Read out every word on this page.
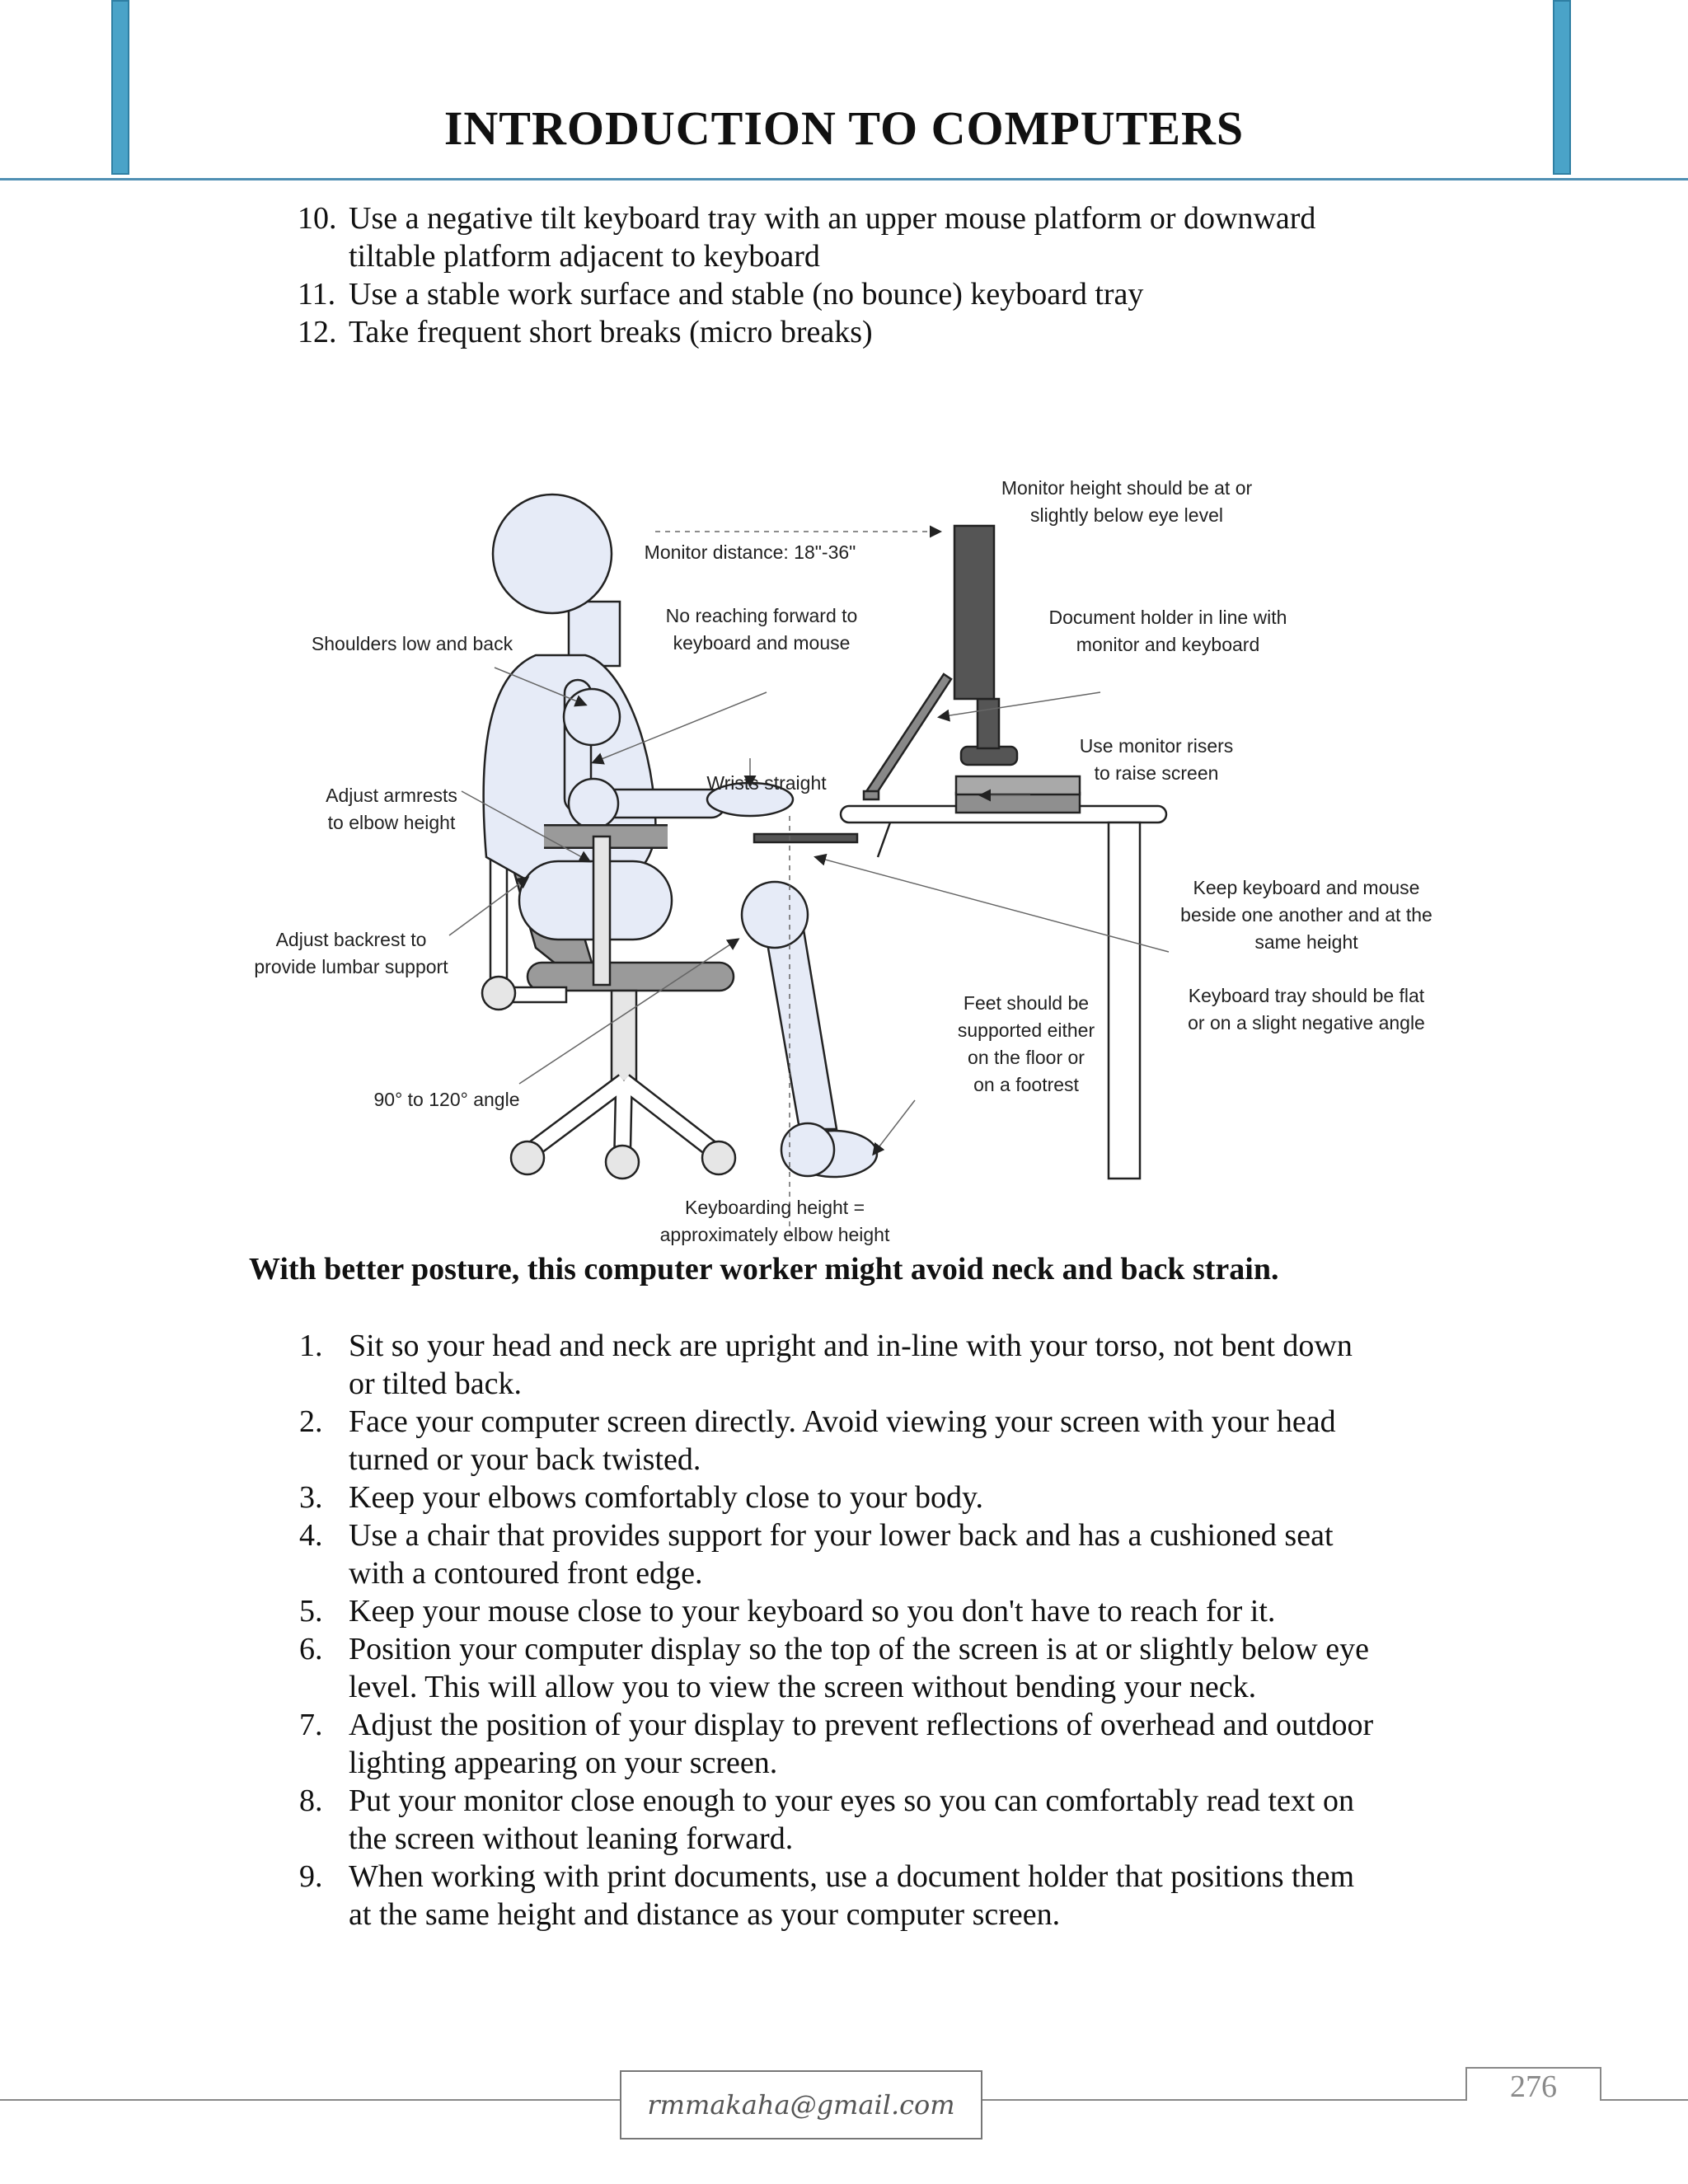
INTRODUCTION TO COMPUTERS
10. Use a negative tilt keyboard tray with an upper mouse platform or downward
tiltable platform adjacent to keyboard
11. Use a stable work surface and stable (no bounce) keyboard tray
12. Take frequent short breaks (micro breaks)
Monitor height should be at or slightly below eye level
Monitor distance: 18"-36"
No reaching forward to keyboard and mouse
Document holder in line with monitor and keyboard
Shoulders low and back
Use monitor risers to raise screen
Wrists straight
Adjust armrests to elbow height
Keep keyboard and mouse beside one another and at the same height
Adjust backrest to provide lumbar support
Keyboard tray should be flat or on a slight negative angle
Feet should be supported either on the floor or on a footrest
90° to 120° angle
Keyboarding height = approximately elbow height
With better posture, this computer worker might avoid neck and back strain.
1. Sit so your head and neck are upright and in-line with your torso, not bent down
or tilted back.
2. Face your computer screen directly. Avoid viewing your screen with your head
turned or your back twisted.
3. Keep your elbows comfortably close to your body.
4. Use a chair that provides support for your lower back and has a cushioned seat
with a contoured front edge.
5. Keep your mouse close to your keyboard so you don't have to reach for it.
6. Position your computer display so the top of the screen is at or slightly below eye
level. This will allow you to view the screen without bending your neck.
7. Adjust the position of your display to prevent reflections of overhead and outdoor
lighting appearing on your screen.
8. Put your monitor close enough to your eyes so you can comfortably read text on
the screen without leaning forward.
9. When working with print documents, use a document holder that positions them
at the same height and distance as your computer screen.
rmmakaha@gmail.com
276
